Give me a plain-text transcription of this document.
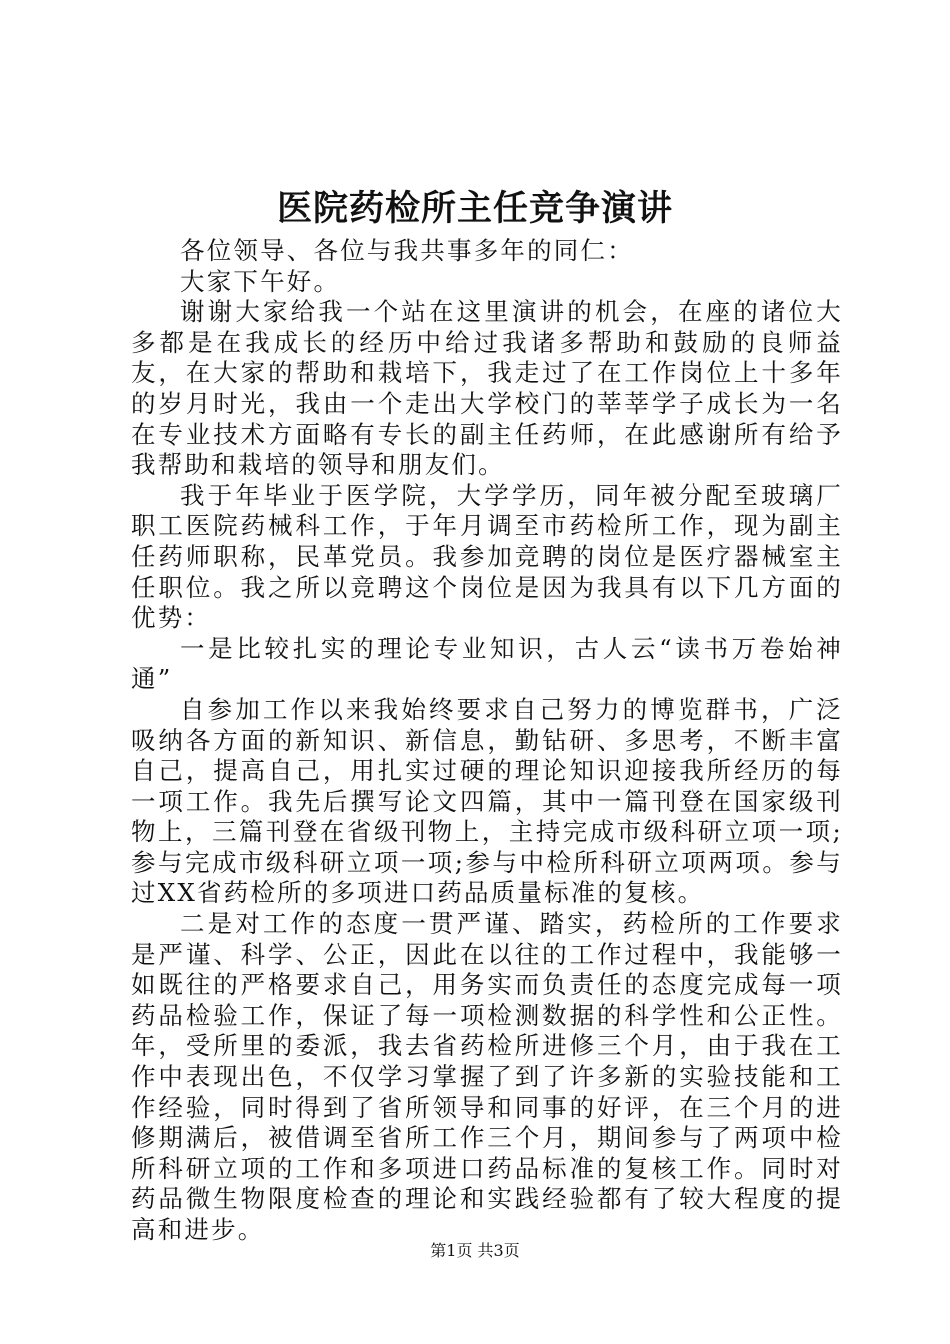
医院药检所主任竞争演讲

各位领导、各位与我共事多年的同仁：

大家下午好。

谢谢大家给我一个站在这里演讲的机会，在座的诸位大多都是在我成长的经历中给过我诸多帮助和鼓励的良师益友，在大家的帮助和栽培下，我走过了在工作岗位上十多年的岁月时光，我由一个走出大学校门的莘莘学子成长为一名在专业技术方面略有专长的副主任药师，在此感谢所有给予我帮助和栽培的领导和朋友们。

我于年毕业于医学院，大学学历，同年被分配至玻璃厂职工医院药械科工作，于年月调至市药检所工作，现为副主任药师职称，民革党员。我参加竞聘的岗位是医疗器械室主任职位。我之所以竞聘这个岗位是因为我具有以下几方面的优势：

一是比较扎实的理论专业知识，古人云“读书万卷始神通”

自参加工作以来我始终要求自己努力的博览群书，广泛吸纳各方面的新知识、新信息，勤钻研、多思考，不断丰富自己，提高自己，用扎实过硬的理论知识迎接我所经历的每一项工作。我先后撰写论文四篇，其中一篇刊登在国家级刊物上，三篇刊登在省级刊物上，主持完成市级科研立项一项;参与完成市级科研立项一项;参与中检所科研立项两项。参与过XX省药检所的多项进口药品质量标准的复核。

二是对工作的态度一贯严谨、踏实，药检所的工作要求是严谨、科学、公正，因此在以往的工作过程中，我能够一如既往的严格要求自己，用务实而负责任的态度完成每一项药品检验工作，保证了每一项检测数据的科学性和公正性。年，受所里的委派，我去省药检所进修三个月，由于我在工作中表现出色，不仅学习掌握了到了许多新的实验技能和工作经验，同时得到了省所领导和同事的好评，在三个月的进修期满后，被借调至省所工作三个月，期间参与了两项中检所科研立项的工作和多项进口药品标准的复核工作。同时对药品微生物限度检查的理论和实践经验都有了较大程度的提高和进步。

第1页 共3页
